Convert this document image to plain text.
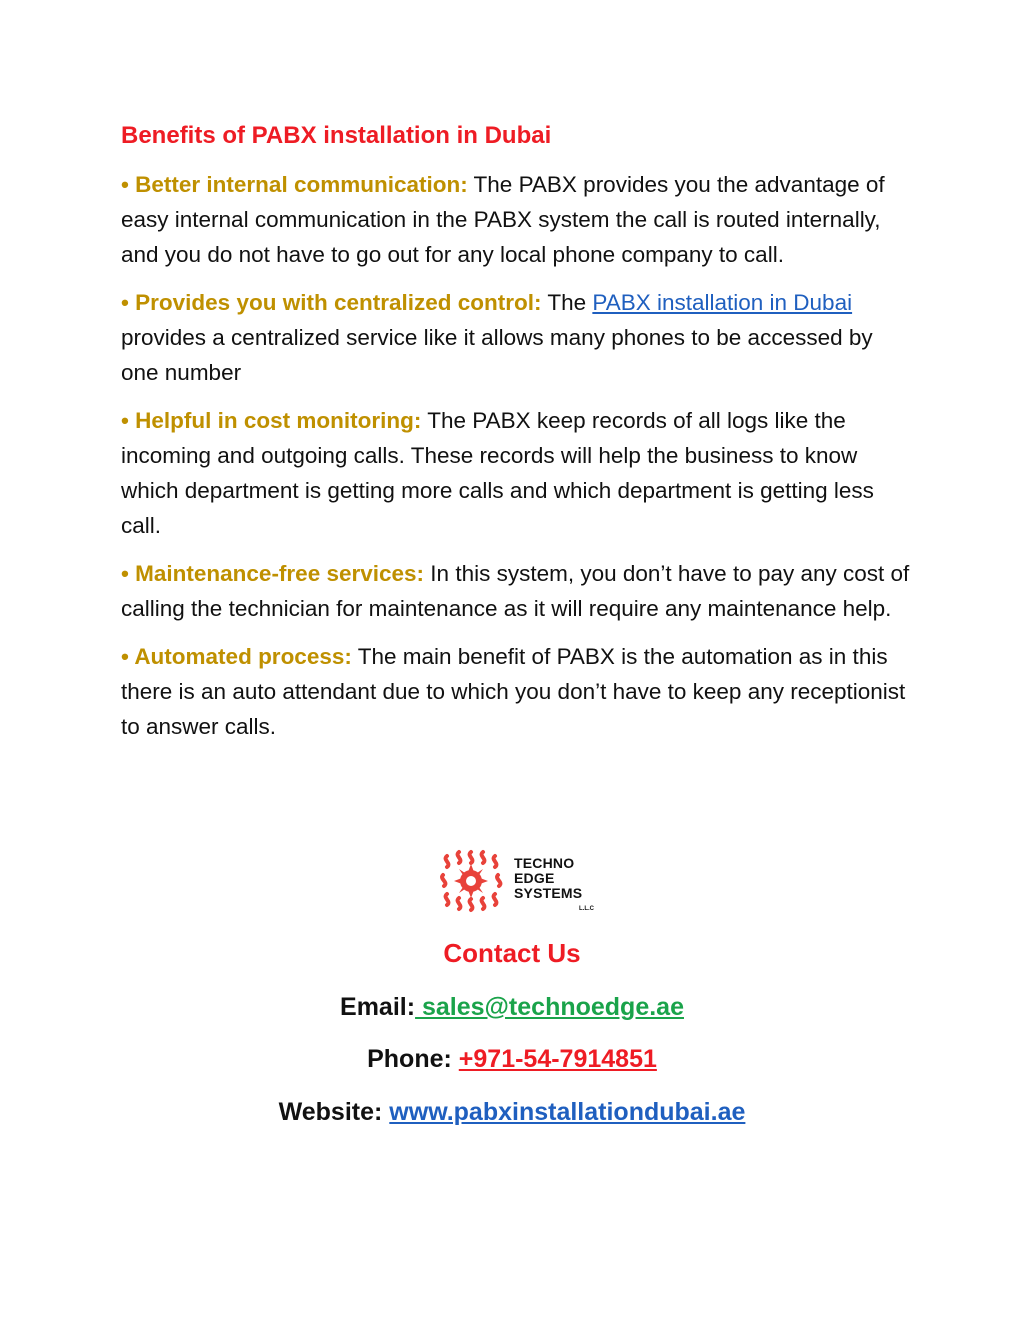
Benefits of PABX installation in Dubai

• Better internal communication: The PABX provides you the advantage of easy internal communication in the PABX system the call is routed internally, and you do not have to go out for any local phone company to call.

• Provides you with centralized control: The PABX installation in Dubai provides a centralized service like it allows many phones to be accessed by one number

• Helpful in cost monitoring: The PABX keep records of all logs like the incoming and outgoing calls. These records will help the business to know which department is getting more calls and which department is getting less call.

• Maintenance-free services: In this system, you don’t have to pay any cost of calling the technician for maintenance as it will require any maintenance help.

• Automated process: The main benefit of PABX is the automation as in this there is an auto attendant due to which you don’t have to keep any receptionist to answer calls.

TECHNO
EDGE
SYSTEMS
L.L.C
Contact Us
Email: sales@technoedge.ae
Phone: +971-54-7914851
Website: www.pabxinstallationdubai.ae
